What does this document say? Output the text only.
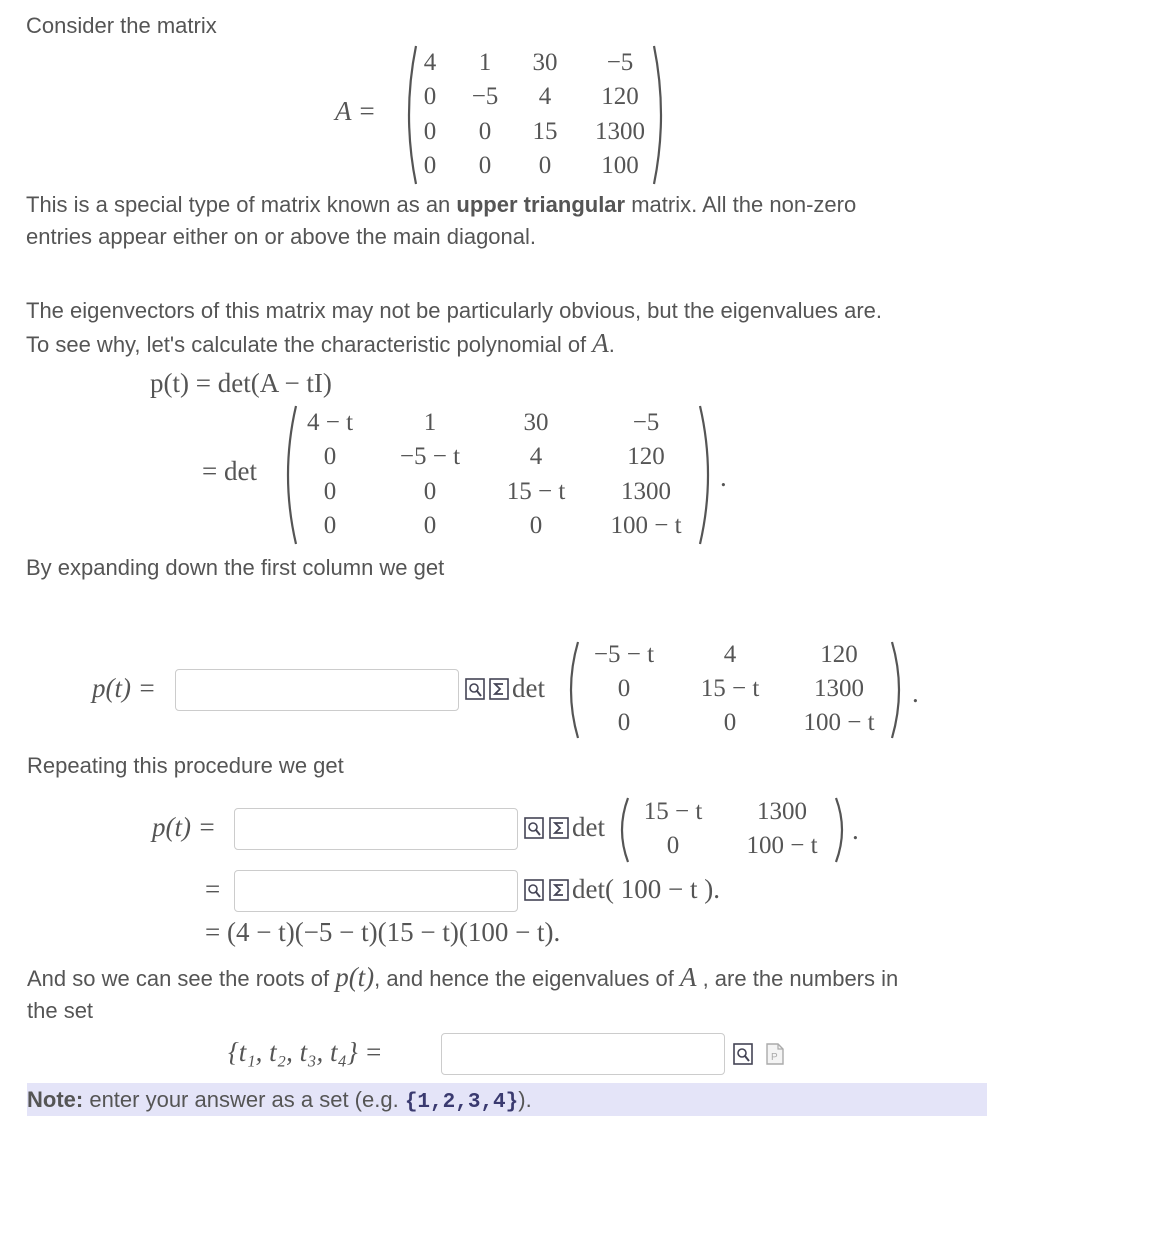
Consider the matrix
A =
4	1	30	−5
0	−5	4	120
0	0	15	1300
0	0	0	100
This is a special type of matrix known as an upper triangular matrix. All the non-zero
entries appear either on or above the main diagonal.
The eigenvectors of this matrix may not be particularly obvious, but the eigenvalues are.
To see why, let's calculate the characteristic polynomial of A.
p(t) = det(A − tI)
= det	.
4 − t	1	30	−5
0	−5 − t	4	120
0	0	15 − t	1300
0	0	0	100 − t
By expanding down the first column we get
p(t) =	det	.
−5 − t	4	120
0	15 − t	1300
0	0	100 − t
Repeating this procedure we get
p(t) =	det	.
15 − t	1300
0	100 − t
=	det( 100 − t ).
= (4 − t)(−5 − t)(15 − t)(100 − t).
And so we can see the roots of p(t), and hence the eigenvalues of A , are the numbers in
the set
{t₁, t₂, t₃, t₄} =	P
Note: enter your answer as a set (e.g. {1,2,3,4}).
